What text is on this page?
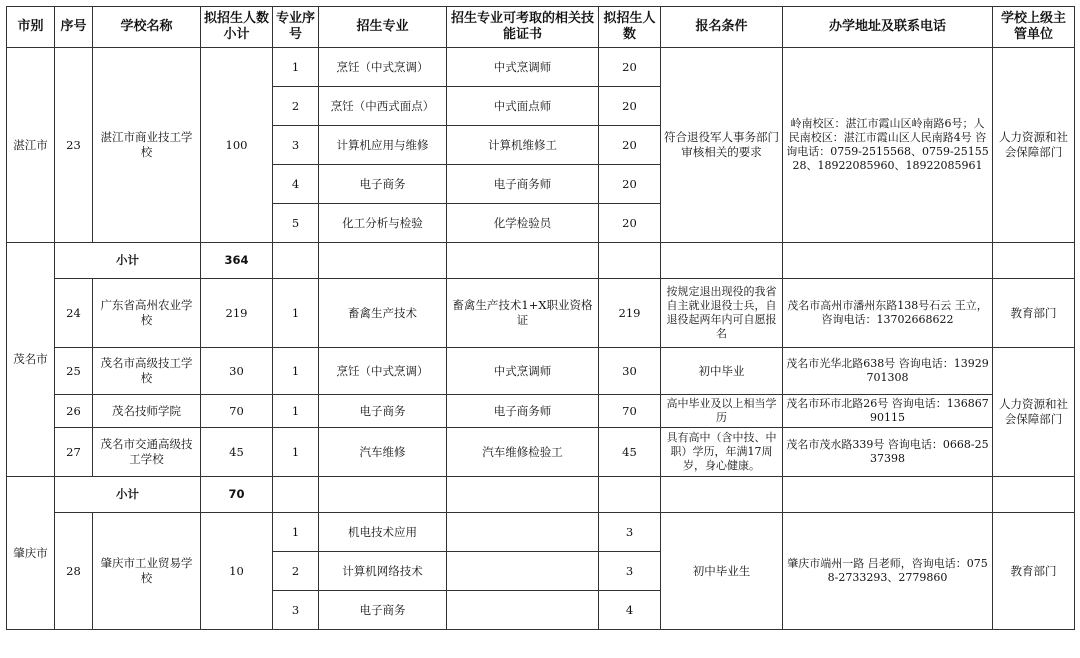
市别	序号	学校名称	拟招生人数小计	专业序号	招生专业	招生专业可考取的相关技能证书	拟招生人数	报名条件	办学地址及联系电话	学校上级主管单位
湛江市	23	湛江市商业技工学校	100	1	烹饪（中式烹调）	中式烹调师	20	符合退役军人事务部门审核相关的要求	岭南校区：湛江市霞山区岭南路6号；人民南校区：湛江市霞山区人民南路4号 咨询电话：0759-2515568、0759-2515528、18922085960、18922085961	人力资源和社会保障部门
				2	烹饪（中西式面点）	中式面点师	20			
				3	计算机应用与维修	计算机维修工	20			
				4	电子商务	电子商务师	20			
				5	化工分析与检验	化学检验员	20			
茂名市	小计		364							
	24	广东省高州农业学校	219	1	畜禽生产技术	畜禽生产技术1+X职业资格证	219	按规定退出现役的我省自主就业退役士兵，自退役起两年内可自愿报名	茂名市高州市潘州东路138号石云 王立，咨询电话：13702668622	教育部门
	25	茂名市高级技工学校	30	1	烹饪（中式烹调）	中式烹调师	30	初中毕业	茂名市光华北路638号 咨询电话：13929701308	人力资源和社会保障部门
	26	茂名技师学院	70	1	电子商务	电子商务师	70	高中毕业及以上相当学历	茂名市环市北路26号 咨询电话：13686790115	
	27	茂名市交通高级技工学校	45	1	汽车维修	汽车维修检验工	45	具有高中（含中技、中职）学历，年满17周岁，身心健康。	茂名市茂水路339号 咨询电话：0668-2537398	
肇庆市	小计		70							
	28	肇庆市工业贸易学校	10	1	机电技术应用		3	初中毕业生	肇庆市端州一路 吕老师，咨询电话：0758-2733293、2779860	教育部门
				2	计算机网络技术		3			
				3	电子商务		4			
